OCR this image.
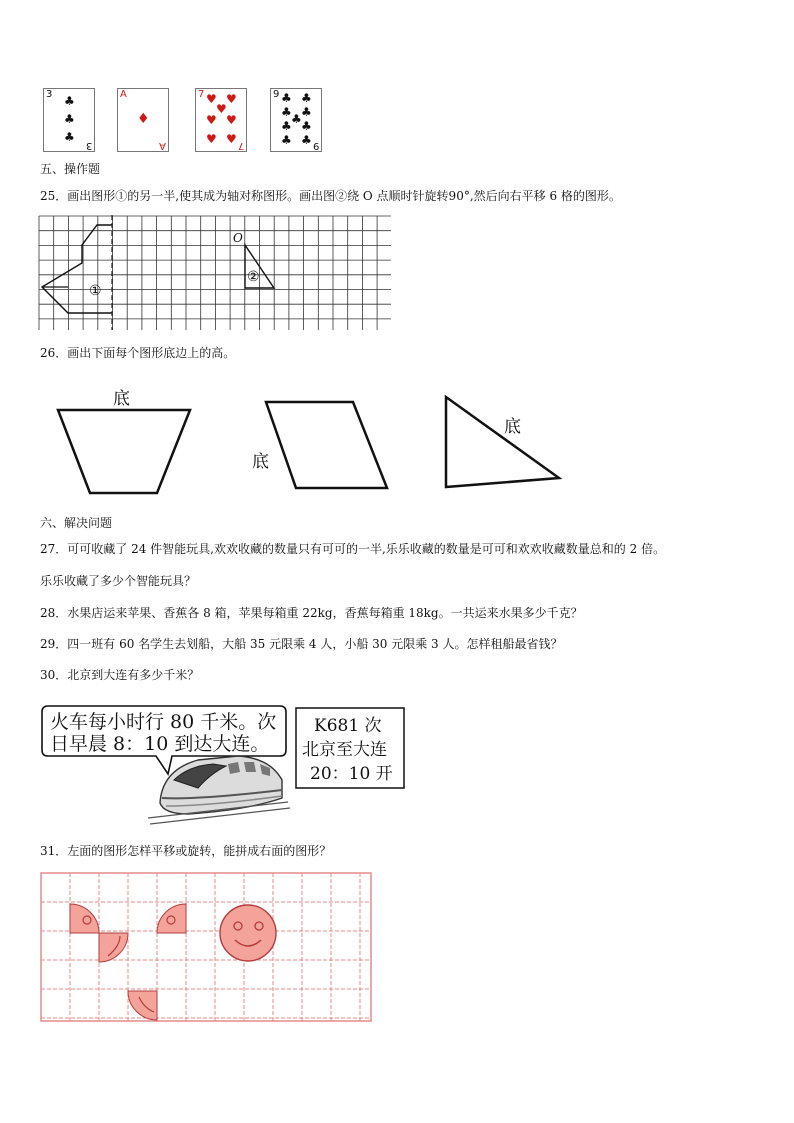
3 ♣
♣
♣
3
A
♦
A
7 ♥ ♥
♥
♥ ♥
♥ ♥ 7
9 ♣ ♣
♣ ♣
♣
♣ ♣
♣ ♣ 9
五、操作题
25．画出图形①的另一半,使其成为轴对称图形。画出图②绕 O 点顺时针旋转90°,然后向右平移 6 格的图形。
①
O
②
26．画出下面每个图形底边上的高。
底
底
底
六、解决问题
27．可可收藏了 24 件智能玩具,欢欢收藏的数量只有可可的一半,乐乐收藏的数量是可可和欢欢收藏数量总和的 2 倍。
乐乐收藏了多少个智能玩具？
28．水果店运来苹果、香蕉各 8 箱，苹果每箱重 22kg，香蕉每箱重 18kg。一共运来水果多少千克？
29．四一班有 60 名学生去划船，大船 35 元限乘 4 人，小船 30 元限乘 3 人。怎样租船最省钱？
30．北京到大连有多少千米？
火车每小时行 80 千米。次
日早晨 8：10 到达大连。
K681 次
北京至大连
20：10 开
31．左面的图形怎样平移或旋转，能拼成右面的图形？
